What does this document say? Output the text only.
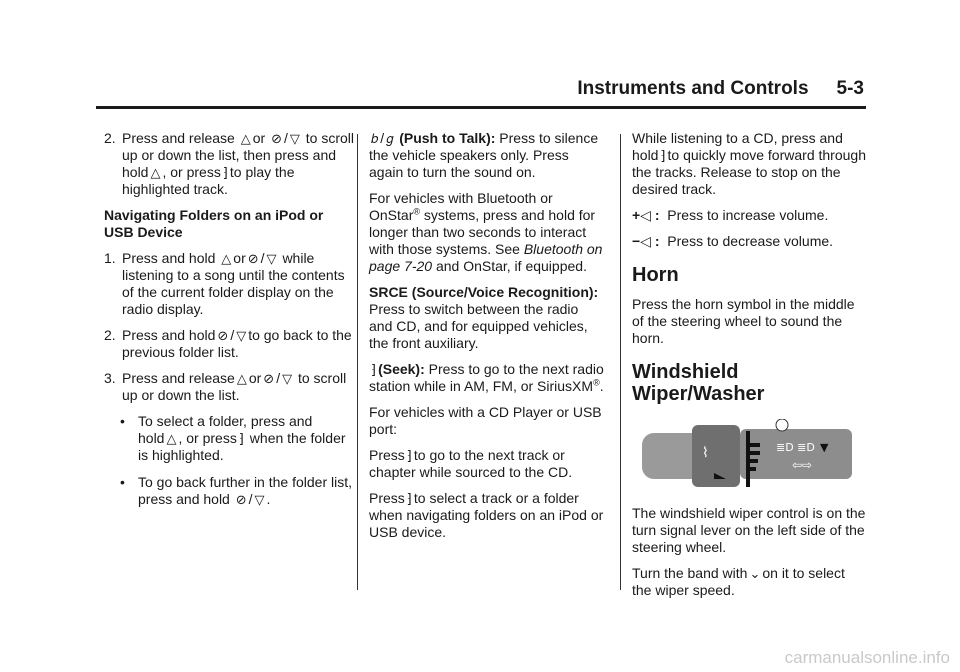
Instruments and Controls 5-3
2. Press and release △ or ⊘ / ▽ to scroll up or down the list, then press and hold △ , or press ⁆ to play the highlighted track.
Navigating Folders on an iPod or USB Device
1. Press and hold △ or ⊘ / ▽ while listening to a song until the contents of the current folder display on the radio display.
2. Press and hold ⊘ / ▽ to go back to the previous folder list.
3. Press and release △ or ⊘ / ▽ to scroll up or down the list.
• To select a folder, press and hold △ , or press ⁆ when the folder is highlighted.
• To go back further in the folder list, press and hold ⊘ / ▽ .
𝑏 / 𝑔 (Push to Talk): Press to silence the vehicle speakers only. Press again to turn the sound on.
For vehicles with Bluetooth or OnStar® systems, press and hold for longer than two seconds to interact with those systems. See Bluetooth on page 7-20 and OnStar, if equipped.
SRCE (Source/Voice Recognition): Press to switch between the radio and CD, and for equipped vehicles, the front auxiliary.
⁆ (Seek): Press to go to the next radio station while in AM, FM, or SiriusXM®.
For vehicles with a CD Player or USB port:
Press ⁆ to go to the next track or chapter while sourced to the CD.
Press ⁆ to select a track or a folder when navigating folders on an iPod or USB device.
While listening to a CD, press and hold ⁆ to quickly move forward through the tracks. Release to stop on the desired track.
+◁ : Press to increase volume.
−◁ : Press to decrease volume.
Horn
Press the horn symbol in the middle of the steering wheel to sound the horn.
Windshield Wiper/Washer
⌇	≣D ≣D ▼
⇦⇨
The windshield wiper control is on the turn signal lever on the left side of the steering wheel.
Turn the band with ⌄ on it to select the wiper speed.
carmanualsonline.info
